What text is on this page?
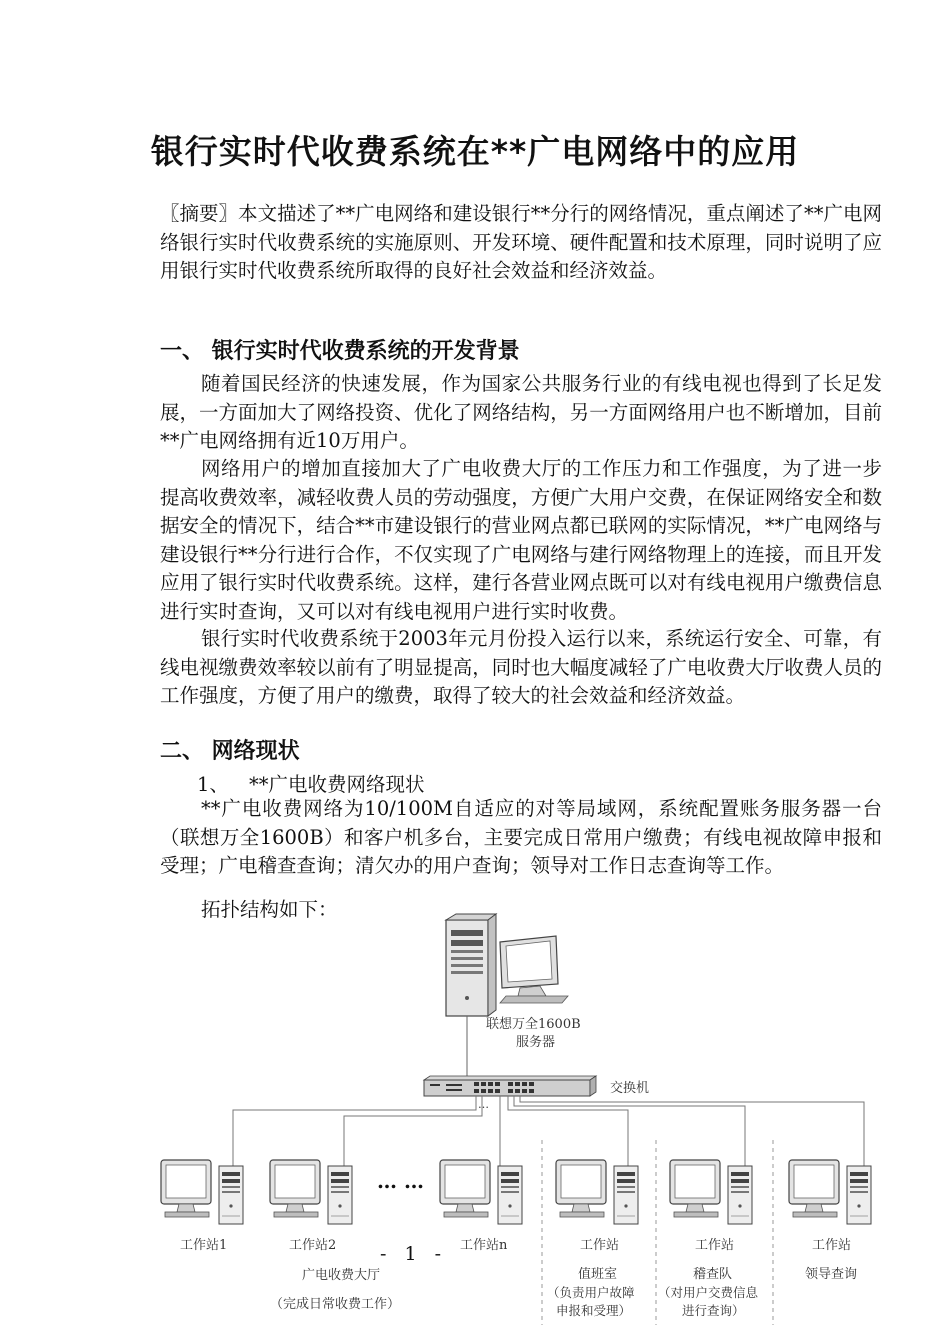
银行实时代收费系统在**广电网络中的应用

〖摘要〗本文描述了**广电网络和建设银行**分行的网络情况，重点阐述了**广电网络银行实时代收费系统的实施原则、开发环境、硬件配置和技术原理，同时说明了应用银行实时代收费系统所取得的良好社会效益和经济效益。

一、 银行实时代收费系统的开发背景

随着国民经济的快速发展，作为国家公共服务行业的有线电视也得到了长足发展，一方面加大了网络投资、优化了网络结构，另一方面网络用户也不断增加，目前**广电网络拥有近10万用户。

网络用户的增加直接加大了广电收费大厅的工作压力和工作强度，为了进一步提高收费效率，减轻收费人员的劳动强度，方便广大用户交费，在保证网络安全和数据安全的情况下，结合**市建设银行的营业网点都已联网的实际情况，**广电网络与建设银行**分行进行合作，不仅实现了广电网络与建行网络物理上的连接，而且开发应用了银行实时代收费系统。这样，建行各营业网点既可以对有线电视用户缴费信息进行实时查询，又可以对有线电视用户进行实时收费。

银行实时代收费系统于2003年元月份投入运行以来，系统运行安全、可靠，有线电视缴费效率较以前有了明显提高，同时也大幅度减轻了广电收费大厅收费人员的工作强度，方便了用户的缴费，取得了较大的社会效益和经济效益。

二、 网络现状
1、 **广电收费网络现状

**广电收费网络为10/100M自适应的对等局域网，系统配置账务服务器一台（联想万全1600B）和客户机多台，主要完成日常用户缴费；有线电视故障申报和受理；广电稽查查询；清欠办的用户查询；领导对工作日志查询等工作。

拓扑结构如下：

联想万全1600B
服务器
交换机
…
… …
工作站1	工作站2	工作站n	工作站	工作站	工作站
广电收费大厅
（完成日常收费工作）
值班室
（负责用户故障
申报和受理）
稽查队
（对用户交费信息
进行查询）
领导查询
- 1 -
